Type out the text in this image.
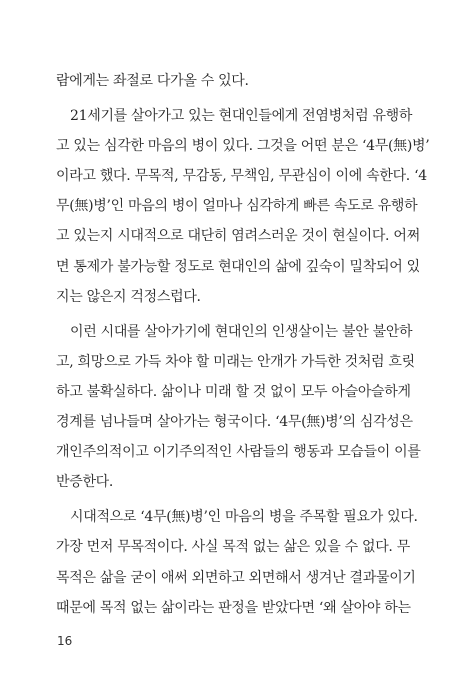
람에게는 좌절로 다가올 수 있다.
21세기를 살아가고 있는 현대인들에게 전염병처럼 유행하
고 있는 심각한 마음의 병이 있다. 그것을 어떤 분은 ‘4무(無)병’
이라고 했다. 무목적, 무감동, 무책임, 무관심이 이에 속한다. ‘4
무(無)병’인 마음의 병이 얼마나 심각하게 빠른 속도로 유행하
고 있는지 시대적으로 대단히 염려스러운 것이 현실이다. 어쩌
면 통제가 불가능할 정도로 현대인의 삶에 깊숙이 밀착되어 있
지는 않은지 걱정스럽다.
이런 시대를 살아가기에 현대인의 인생살이는 불안 불안하
고, 희망으로 가득 차야 할 미래는 안개가 가득한 것처럼 흐릿
하고 불확실하다. 삶이나 미래 할 것 없이 모두 아슬아슬하게
경계를 넘나들며 살아가는 형국이다. ‘4무(無)병’의 심각성은
개인주의적이고 이기주의적인 사람들의 행동과 모습들이 이를
반증한다.
시대적으로 ‘4무(無)병’인 마음의 병을 주목할 필요가 있다.
가장 먼저 무목적이다. 사실 목적 없는 삶은 있을 수 없다. 무
목적은 삶을 굳이 애써 외면하고 외면해서 생겨난 결과물이기
때문에 목적 없는 삶이라는 판정을 받았다면 ‘왜 살아야 하는
16
